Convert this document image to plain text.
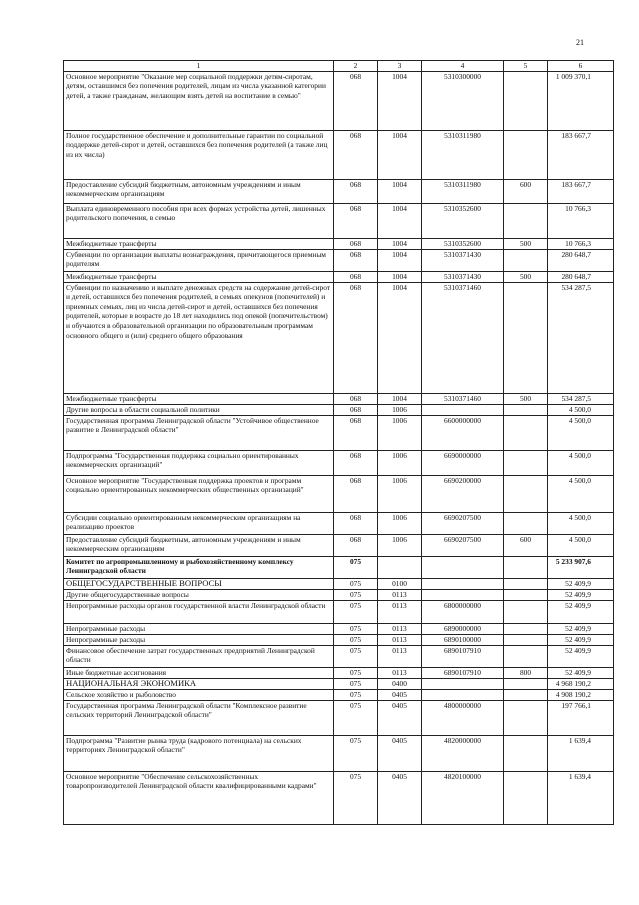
21
1	2	3	4	5	6
Основное мероприятие "Оказание мер социальной поддержки детям-сиротам, детям, оставшимся без попечения родителей, лицам из числа указанной категории детей, а также гражданам, желающим взять детей на воспитание в семью"	068	1004	5310300000		1 009 370,1
Полное государственное обеспечение и дополнительные гарантии по социальной поддержке детей-сирот и детей, оставшихся без попечения родителей (а также лиц из их числа)	068	1004	5310311980		183 667,7
Предоставление субсидий бюджетным, автономным учреждениям и иным некоммерческим организациям	068	1004	5310311980	600	183 667,7
Выплата единовременного пособия при всех формах устройства детей, лишенных родительского попечения, в семью	068	1004	5310352600		10 766,3
Межбюджетные трансферты	068	1004	5310352600	500	10 766,3
Субвенции по организации выплаты вознаграждения, причитающегося приемным родителям	068	1004	5310371430		280 648,7
Межбюджетные трансферты	068	1004	5310371430	500	280 648,7
Субвенции по назначению и выплате денежных средств на содержание детей-сирот и детей, оставшихся без попечения родителей, в семьях опекунов (попечителей) и приемных семьях, лиц из числа детей-сирот и детей, оставшихся без попечения родителей, которые в возрасте до 18 лет находились под опекой (попечительством) и обучаются в образовательной организации по образовательным программам основного общего и (или) среднего общего образования	068	1004	5310371460		534 287,5
Межбюджетные трансферты	068	1004	5310371460	500	534 287,5
Другие вопросы в области социальной политики	068	1006			4 500,0
Государственная программа Ленинградской области "Устойчивое общественное развитие в Ленинградской области"	068	1006	6600000000		4 500,0
Подпрограмма "Государственная поддержка социально ориентированных некоммерческих организаций"	068	1006	6690000000		4 500,0
Основное мероприятие "Государственная поддержка проектов и программ социально ориентированных некоммерческих общественных организаций"	068	1006	6690200000		4 500,0
Субсидии социально ориентированным некоммерческим организациям на реализацию проектов	068	1006	6690207500		4 500,0
Предоставление субсидий бюджетным, автономным учреждениям и иным некоммерческим организациям	068	1006	6690207500	600	4 500,0
Комитет по агропромышленному и рыбохозяйственному комплексу Ленинградской области	075				5 233 907,6
ОБЩЕГОСУДАРСТВЕННЫЕ ВОПРОСЫ	075	0100			52 409,9
Другие общегосударственные вопросы	075	0113			52 409,9
Непрограммные расходы органов государственной власти Ленинградской области	075	0113	6800000000		52 409,9
Непрограммные расходы	075	0113	6890000000		52 409,9
Непрограммные расходы	075	0113	6890100000		52 409,9
Финансовое обеспечение затрат государственных предприятий Ленинградской области	075	0113	6890107910		52 409,9
Иные бюджетные ассигнования	075	0113	6890107910	800	52 409,9
НАЦИОНАЛЬНАЯ ЭКОНОМИКА	075	0400			4 968 190,2
Сельское хозяйство и рыболовство	075	0405			4 908 190,2
Государственная программа Ленинградской области "Комплексное развитие сельских территорий Ленинградской области"	075	0405	4800000000		197 766,1
Подпрограмма "Развитие рынка труда (кадрового потенциала) на сельских территориях Ленинградской области"	075	0405	4820000000		1 639,4
Основное мероприятие "Обеспечение сельскохозяйственных товаропроизводителей Ленинградской области квалифицированными кадрами"	075	0405	4820100000		1 639,4
